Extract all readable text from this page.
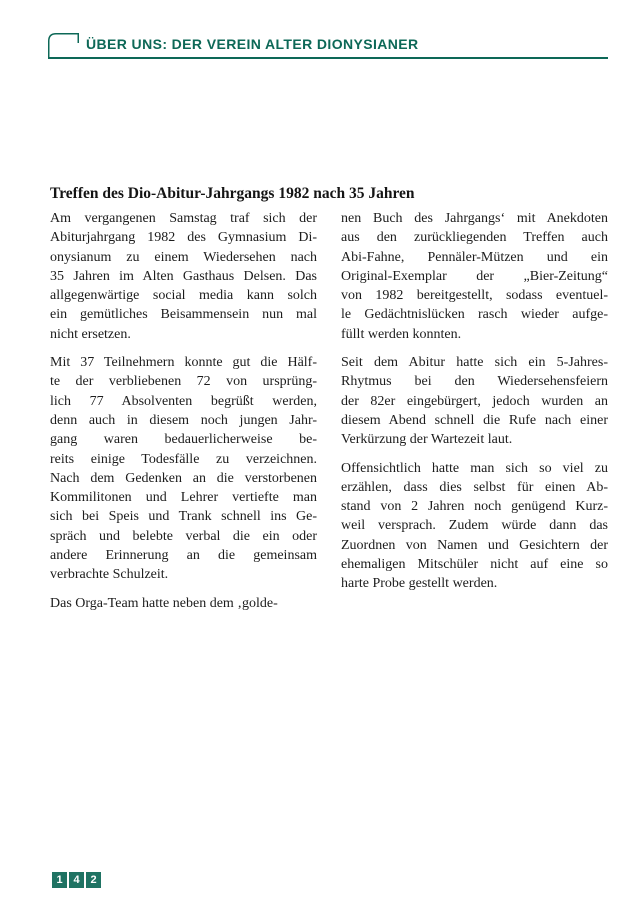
ÜBER UNS: DER VEREIN ALTER DIONYSIANER
Treffen des Dio-Abitur-Jahrgangs 1982 nach 35 Jahren
Am vergangenen Samstag traf sich der
Abiturjahrgang 1982 des Gymnasium Di-
onysianum zu einem Wiedersehen nach
35 Jahren im Alten Gasthaus Delsen. Das
allgegenwärtige social media kann solch
ein gemütliches Beisammensein nun mal
nicht ersetzen.
Mit 37 Teilnehmern konnte gut die Hälf-
te der verbliebenen 72 von ursprüng-
lich 77 Absolventen begrüßt werden,
denn auch in diesem noch jungen Jahr-
gang waren bedauerlicherweise be-
reits einige Todesfälle zu verzeichnen.
Nach dem Gedenken an die verstorbenen
Kommilitonen und Lehrer vertiefte man
sich bei Speis und Trank schnell ins Ge-
spräch und belebte verbal die ein oder
andere Erinnerung an die gemeinsam
verbrachte Schulzeit.
Das Orga-Team hatte neben dem ‚golde-
nen Buch des Jahrgangs‘ mit Anekdoten
aus den zurückliegenden Treffen auch
Abi-Fahne, Pennäler-Mützen und ein
Original-Exemplar der „Bier-Zeitung“
von 1982 bereitgestellt, sodass eventuel-
le Gedächtnislücken rasch wieder aufge-
füllt werden konnten.
Seit dem Abitur hatte sich ein 5-Jahres-
Rhytmus bei den Wiedersehensfeiern
der 82er eingebürgert, jedoch wurden an
diesem Abend schnell die Rufe nach einer
Verkürzung der Wartezeit laut.
Offensichtlich hatte man sich so viel zu
erzählen, dass dies selbst für einen Ab-
stand von 2 Jahren noch genügend Kurz-
weil versprach. Zudem würde dann das
Zuordnen von Namen und Gesichtern der
ehemaligen Mitschüler nicht auf eine so
harte Probe gestellt werden.
1 4 2
